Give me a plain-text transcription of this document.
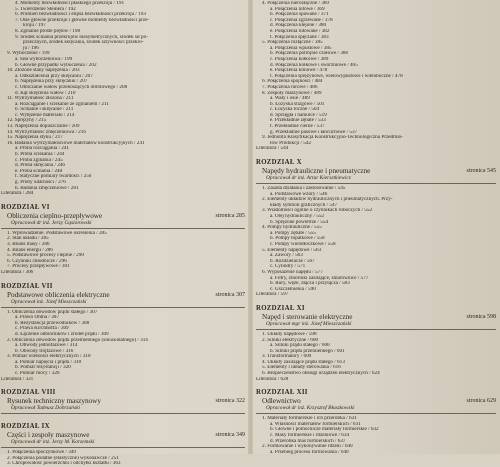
4. Momenty bezwładności płaskiego przekroju / 191
5. Twierdzenie Steinera / 192
6. Promień bezwładności i elipsa bezwładności przekroju / 193
7. Osie główne przekroju i główne momenty bezwładności prze-
kroju / 197
8. Zginanie proste prętów / 198
9. Środek ścinania przekrojów niesymetrycznych, środek sił po-
przecznych, środek skręcania, środek sztywności przekro-
ju / 196
9. Wyboczenie / 199
a. Siła wyboczeniowa / 199
b. Główne przypadki wyboczenia / 202
10. Złożone stany naprężenia / 203
a. Odkształcenia przy skręcaniu / 207
b. Naprężenia przy skręcaniu / 207
c. Obliczanie wałów przenoszących obrotowego / 208
d. Kąt skręcenia wałów / 210
11. Wytrzymałość złożona / 211
a. Rozciąganie i ściskanie ze zginaniem / 211
b. Ścinanie i skręcanie / 211
c. Wytężenie materiału / 214
12. Sprężyny / 215
13. Naprężenia dopuszczalne / 209
14. Wytrzymałość zmęczeniowa / 216
15. Naprężenia styku / 217
16. Badania wytrzymałościowe materiałów konstrukcyjnych / 241
a. Próba rozciągania / 241
b. Próba ściskania / 244
c. Próba zginania / 245
d. Próba skręcania / 246
e. Próba ścinania / 248
f. Statyczne pomiary twardości / 250
g. Próby udarności / 276
h. Badania zmęczeniowe / 281
Literatura / 284
ROZDZIAŁ VI
Obliczenia cieplno-przepływowe	stronica 285
Opracował dr inż. Jerzy Gąsiorowski
1. Wprowadzenie. Podstawowe określenia / 285
2. Stan układu / 285
3. Bilans masy / 286
4. Bilans energii / 286
5. Podstawowe procesy cieplne / 290
6. Czynniki chłodnicze / 296
7. Procesy przepływowe / 301
Literatura / 306
ROZDZIAŁ VII
Podstawowe obliczenia elektryczne	stronica 307
Opracował inż. Józef Mieszczański
1. Obliczenia obwodów prądu stałego / 307
a. Prawo Ohma / 307
b. Rezystancja przewodników / 308
c. Prawa Kirchhoffa / 309
d. Łączenie odbiorników i źródeł prądu / 309
2. Obliczenia obwodów prądu przemiennego (sinusoidalnego) / 314
a. Obwody jednofazowe / 314
b. Obwody trójfazowe / 316
3. Pomiar wielkości elektrycznych / 318
a. Pomiar napięcia i prądu / 318
b. Pomiar rezystancji / 320
c. Pomiar mocy / 320
Literatura / 321
ROZDZIAŁ VIII
Rysunek techniczny maszynowy	stronica 322
Opracował Tadeusz Dobrzański
ROZDZIAŁ IX
Części i zespoły maszynowe	stronica 349
Opracował dr inż. Jerzy M. Korzemski
1. Połączenia spoczynkowe / 349
2. Połączenia podatne (elastyczne) wykonawcze / 251
3. Chropowatość powierzchni i odchyłki kształtu / 363
4. Połączenia nierozłączne / 369
a. Połączenia nitowe / 369
b. Połączenia spawane / 371
c. Połączenia zgrzewane / 378
d. Połączenia klejone / 380
e. Połączenia lutowane / 382
f. Połączenia spęczane / 383
5. Połączenia rozłączne / 385
a. Połączenia wpustowe / 385
b. Połączenia potrójnie czołowe / 386
c. Połączenia kołkowe / 389
d. Połączenia kołkowe i sworzniowe / 465
e. Połączenia klinowe / 478
f. Połączenia sprężynowe, wielowypustowe i wieloboczne / 478
6. Połączenia spójności / 484
7. Połączenia rurowe / 486
8. Zespoły maszynowe / 489
a. Wały i osie / 489
b. Łożyska ślizgowe / 501
c. Łożyska toczne / 504
d. Sprzęgła i hamulce / 519
e. Przekładnie zębate / 533
f. Przekładnie cierne / 537
g. Przekładnie pasowe i łańcuchowe / 537
9. Jednolita Klasyfikacja Konstrukcyjno-Technologiczna Przedmio-
tów Produkcji / 542
Literatura / 544
ROZDZIAŁ X
Napędy hydrauliczne i pneumatyczne	stronica 545
Opracował dr inż. Artur Kiersztkiewicz
1. Zasada działania i zastosowanie / 545
a. Podstawowe wzory / 546
2. Elementy układów hydraulicznych i pneumatycznych. Przy-
kłady symboli graficznych / 547
3. Wiadomości ogólne o czynnikach roboczych / 552
a. Olej hydrauliczny / 552
b. Sprężone powietrze / 554
4. Pompy hydrauliczne / 555
a. Pompy zębate / 555
b. Pompy łopatkowe / 558
c. Pompy wielotłoczkowe / 558
5. Elementy napędowe / 563
a. Zawory / 563
b. Rozdzielacze / 567
c. Cylindry / 571
6. Wyposażenie napędu / 577
a. Filtry, zbiorniki zasilające, smarownice / 577
b. Rury, węże, złącza i przyłącza / 583
c. Uszczelnienia / 590
Literatura / 597
ROZDZIAŁ XI
Napęd i sterowanie elektryczne	stronica 598
Opracował mgr inż. Józef Mieszczański
1. Układy napędowe / 598
2. Silniki elektryczne / 600
a. Silniki prądu stałego / 600
b. Silniki prądu przemiennego / 601
3. Transformatory / 609
4. Układy zasilające prądu stałego / 613
5. Elementy i układy sterowania / 616
6. Bezpieczeństwo obsługi urządzeń elektrycznych / 624
Literatura / 628
ROZDZIAŁ XII
Odlewnictwo	stronica 629
Opracował dr inż. Krzysztof Błaszkowski
1. Materiały formierskie i ich przeróbka / 631
a. Własności materiałów formierskich / 631
b. Główne i pomocnicze materiały formierskie / 632
c. Masy formierskie i rdzeniowe / 634
d. Przeróbka mas formierskich / 637
2. Formowanie i wykonywanie rdzeni / 640
a. Przebieg procesu formowania / 640
